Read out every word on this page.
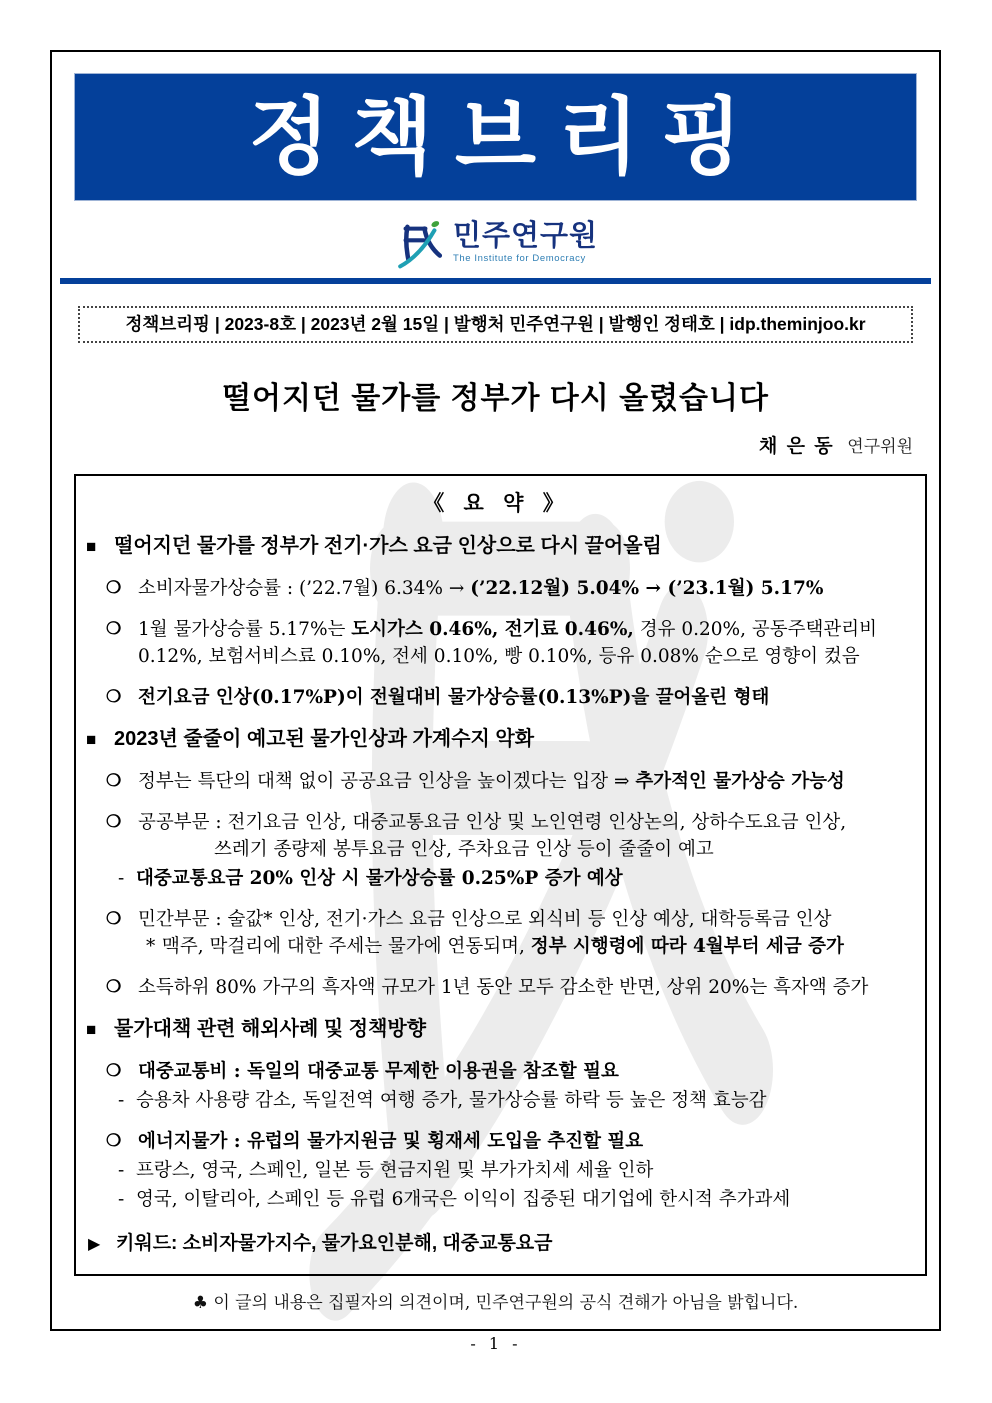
정책브리핑
민주연구원
The Institute for Democracy
정책브리핑 | 2023-8호 | 2023년 2월 15일 | 발행처 민주연구원 | 발행인 정태호 | idp.theminjoo.kr
떨어지던 물가를 정부가 다시 올렸습니다
채 은 동 연구위원
《 요 약 》
■ 떨어지던 물가를 정부가 전기·가스 요금 인상으로 다시 끌어올림
❍ 소비자물가상승률 : (’22.7월) 6.34% → (’22.12월) 5.04% → (’23.1월) 5.17%
❍ 1월 물가상승률 5.17%는 도시가스 0.46%, 전기료 0.46%, 경유 0.20%, 공동주택관리비
0.12%, 보험서비스료 0.10%, 전세 0.10%, 빵 0.10%, 등유 0.08% 순으로 영향이 컸음
❍ 전기요금 인상(0.17%P)이 전월대비 물가상승률(0.13%P)을 끌어올린 형태
■ 2023년 줄줄이 예고된 물가인상과 가계수지 악화
❍ 정부는 특단의 대책 없이 공공요금 인상을 높이겠다는 입장 ⇒ 추가적인 물가상승 가능성
❍ 공공부문 : 전기요금 인상, 대중교통요금 인상 및 노인연령 인상논의, 상하수도요금 인상,
쓰레기 종량제 봉투요금 인상, 주차요금 인상 등이 줄줄이 예고
- 대중교통요금 20% 인상 시 물가상승률 0.25%P 증가 예상
❍ 민간부문 : 술값* 인상, 전기·가스 요금 인상으로 외식비 등 인상 예상, 대학등록금 인상
* 맥주, 막걸리에 대한 주세는 물가에 연동되며, 정부 시행령에 따라 4월부터 세금 증가
❍ 소득하위 80% 가구의 흑자액 규모가 1년 동안 모두 감소한 반면, 상위 20%는 흑자액 증가
■ 물가대책 관련 해외사례 및 정책방향
❍ 대중교통비 : 독일의 대중교통 무제한 이용권을 참조할 필요
- 승용차 사용량 감소, 독일전역 여행 증가, 물가상승률 하락 등 높은 정책 효능감
❍ 에너지물가 : 유럽의 물가지원금 및 횡재세 도입을 추진할 필요
- 프랑스, 영국, 스페인, 일본 등 현금지원 및 부가가치세 세율 인하
- 영국, 이탈리아, 스페인 등 유럽 6개국은 이익이 집중된 대기업에 한시적 추가과세
▶ 키워드: 소비자물가지수, 물가요인분해, 대중교통요금
♣ 이 글의 내용은 집필자의 의견이며, 민주연구원의 공식 견해가 아님을 밝힙니다.
- 1 -
